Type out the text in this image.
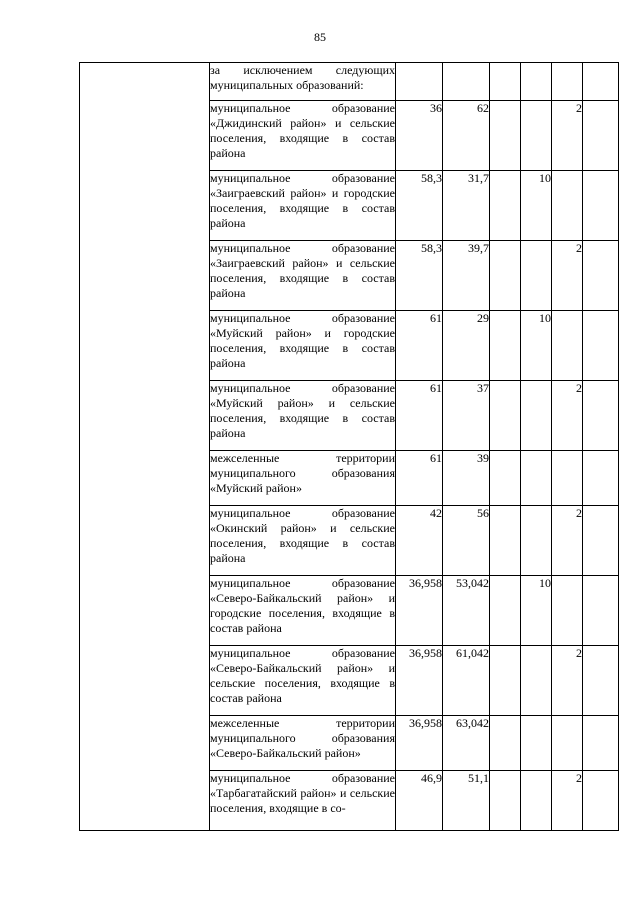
85
	за исключением следующих муниципальных образований:						
	муниципальное образование «Джидинский район» и сельские поселения, входящие в состав района	36	62			2	
	муниципальное образование «Заиграевский район» и городские поселения, входящие в состав района	58,3	31,7		10		
	муниципальное образование «Заиграевский район» и сельские поселения, входящие в состав района	58,3	39,7			2	
	муниципальное образование «Муйский район» и городские поселения, входящие в состав района	61	29		10		
	муниципальное образование «Муйский район» и сельские поселения, входящие в состав района	61	37			2	
	межселенные территории муниципального образования «Муйский район»	61	39				
	муниципальное образование «Окинский район» и сельские поселения, входящие в состав района	42	56			2	
	муниципальное образование «Северо-Байкальский район» и городские поселения, входящие в состав района	36,958	53,042		10		
	муниципальное образование «Северо-Байкальский район» и сельские поселения, входящие в состав района	36,958	61,042			2	
	межселенные территории муниципального образования «Северо-Байкальский район»	36,958	63,042				
	муниципальное образование «Тарбагатайский район» и сельские поселения, входящие в со-	46,9	51,1			2	
